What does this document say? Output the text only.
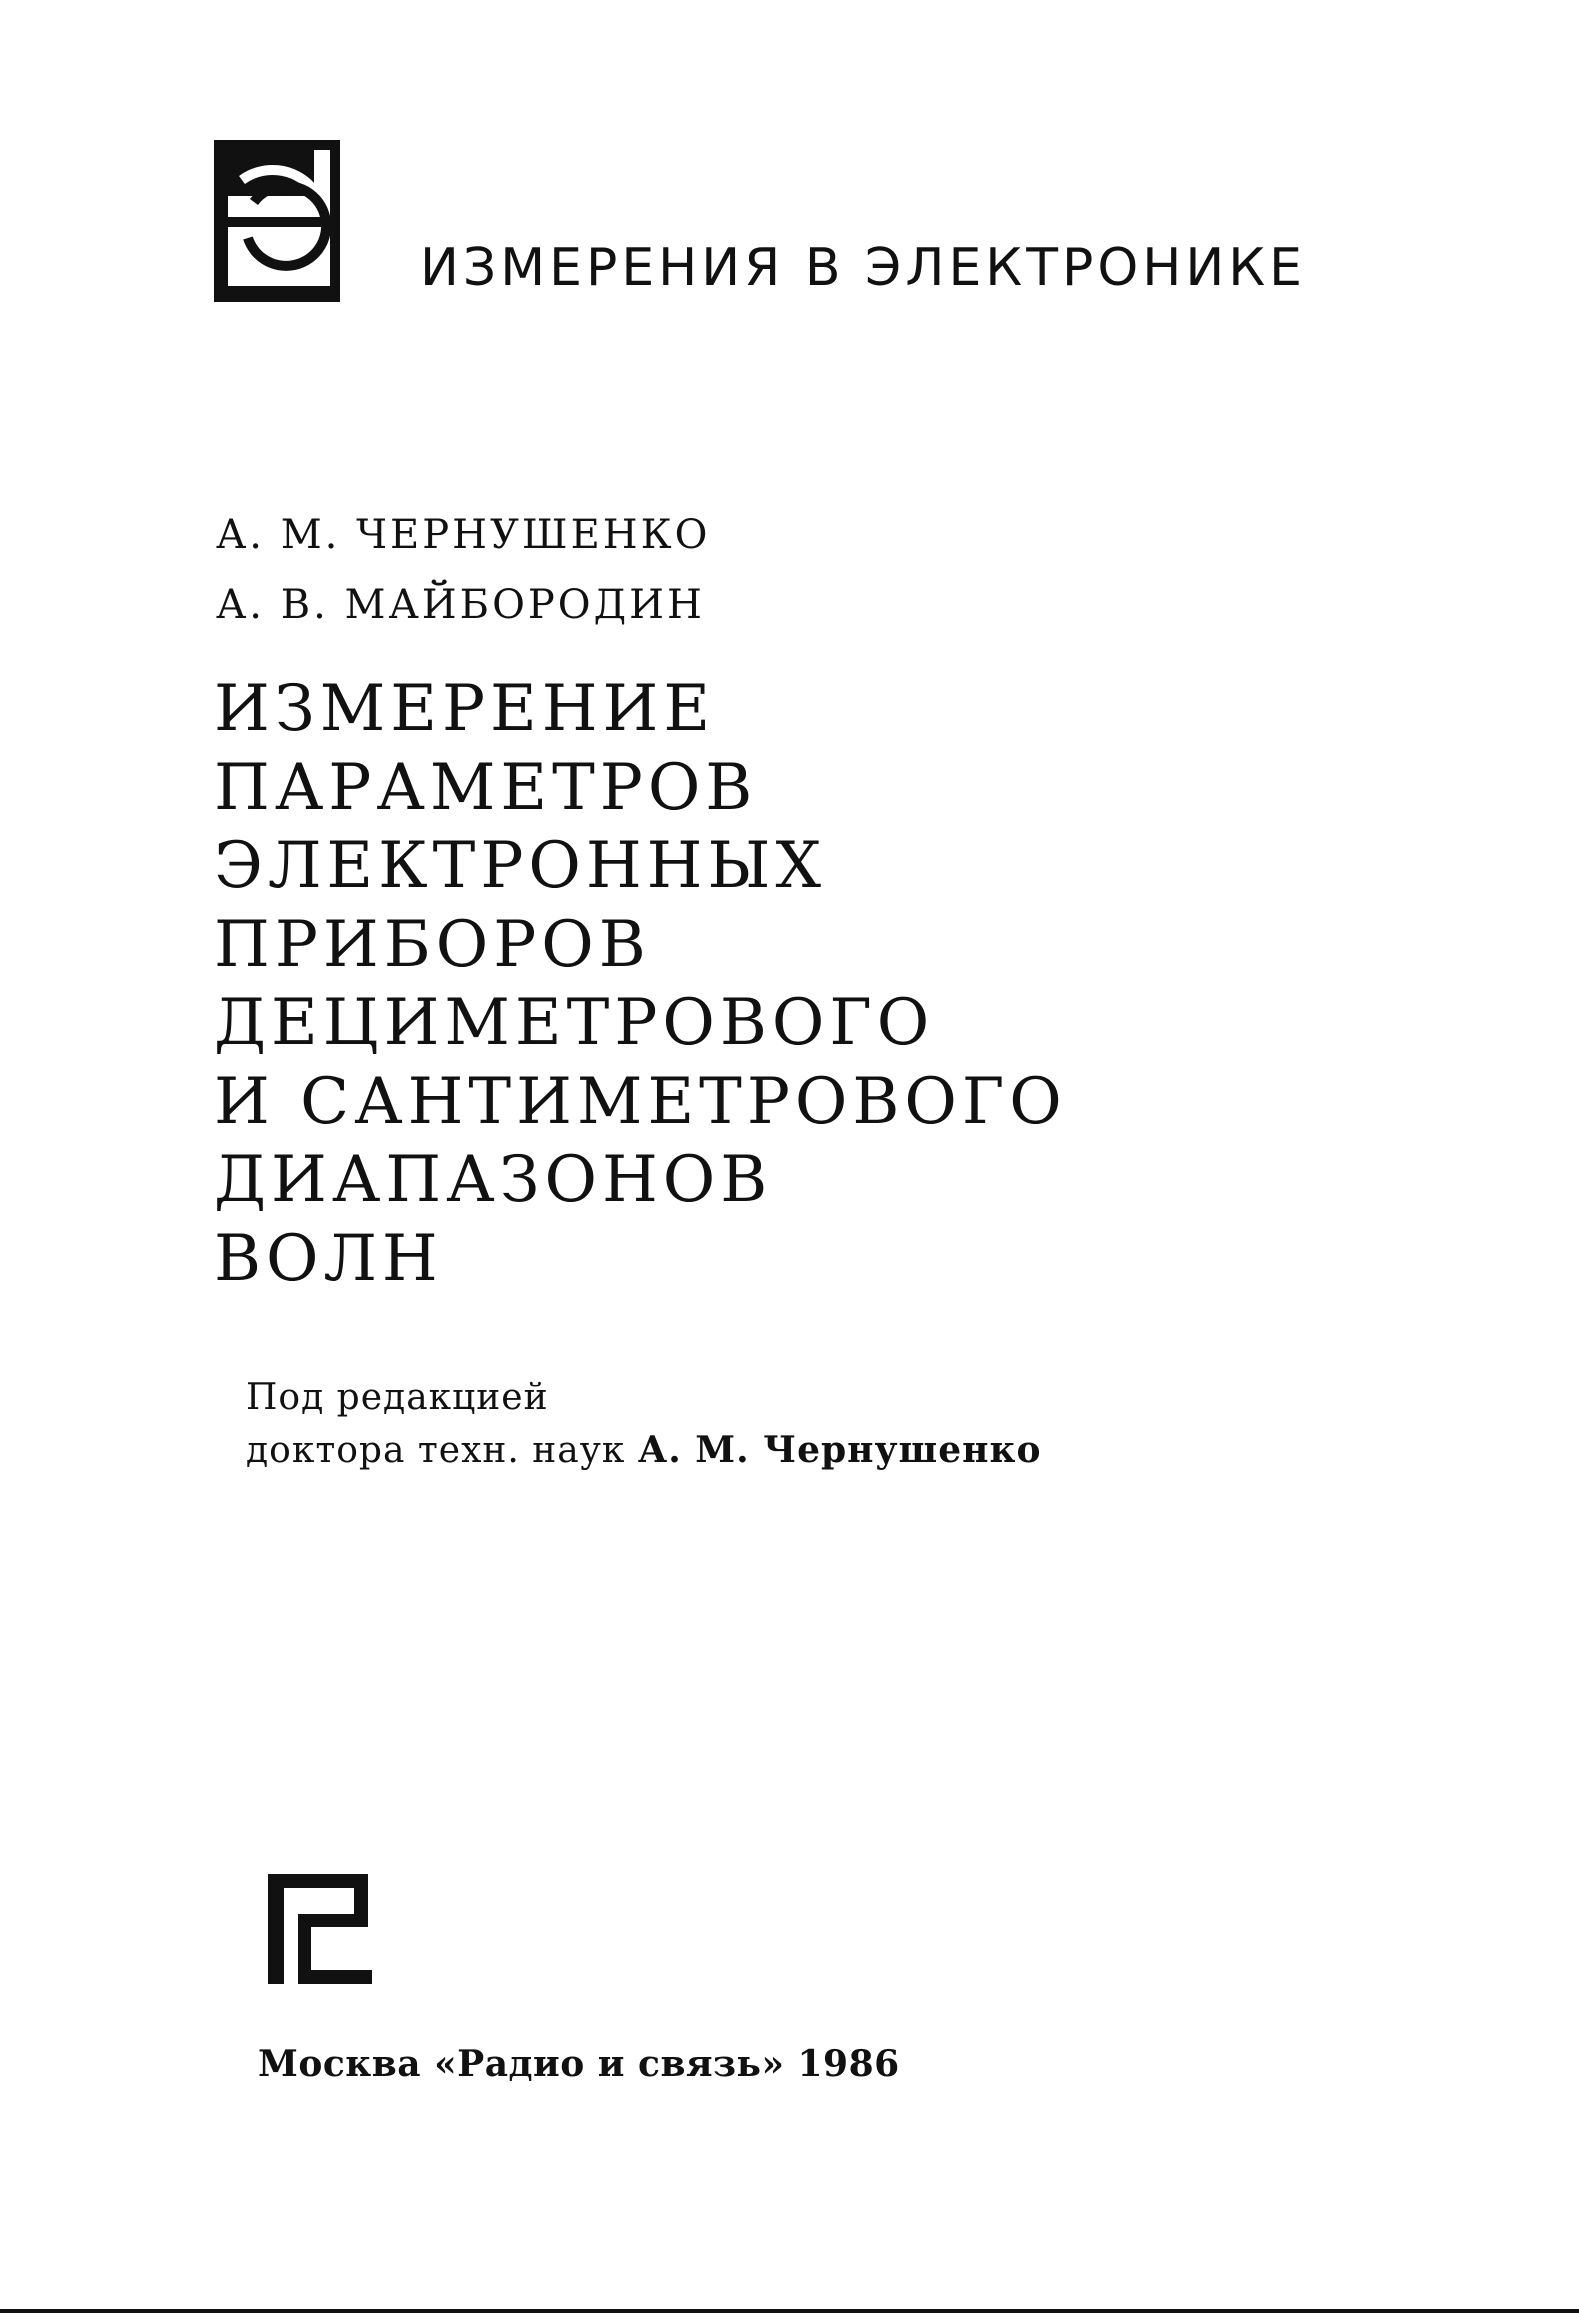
ИЗМЕРЕНИЯ В ЭЛЕКТРОНИКЕ
А. М. ЧЕРНУШЕНКО
А. В. МАЙБОРОДИН
ИЗМЕРЕНИЕ
ПАРАМЕТРОВ
ЭЛЕКТРОННЫХ
ПРИБОРОВ
ДЕЦИМЕТРОВОГО
И САНТИМЕТРОВОГО
ДИАПАЗОНОВ
ВОЛН
Под редакцией
доктора техн. наук А. М. Чернушенко
Москва «Радио и связь» 1986
